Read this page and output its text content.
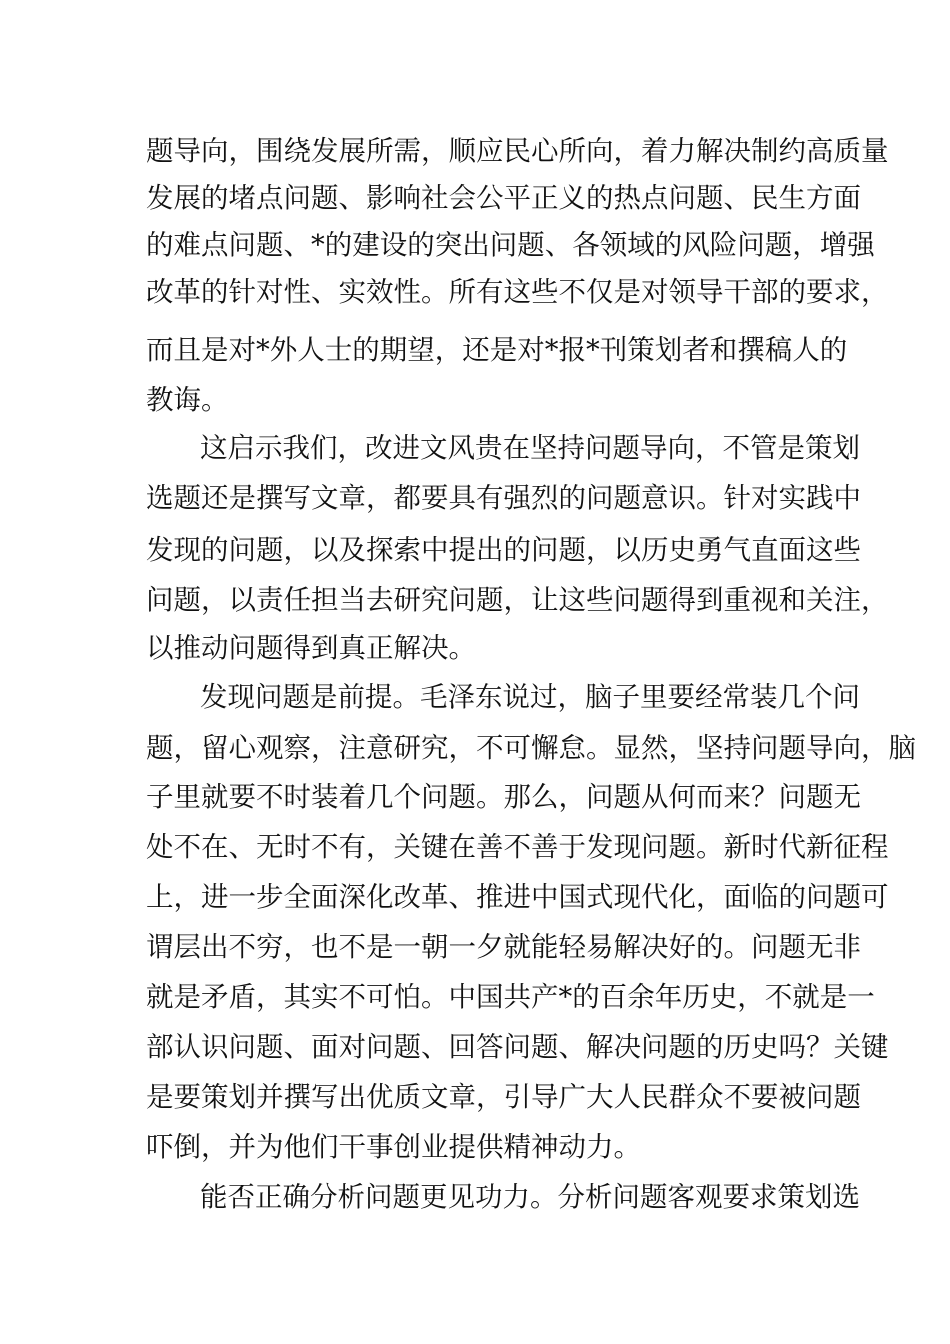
题导向，围绕发展所需，顺应民心所向，着力解决制约高质量
发展的堵点问题、影响社会公平正义的热点问题、民生方面
的难点问题、*的建设的突出问题、各领域的风险问题，增强
改革的针对性、实效性。所有这些不仅是对领导干部的要求，
而且是对*外人士的期望，还是对*报*刊策划者和撰稿人的
教诲。
这启示我们，改进文风贵在坚持问题导向，不管是策划
选题还是撰写文章，都要具有强烈的问题意识。针对实践中
发现的问题，以及探索中提出的问题，以历史勇气直面这些
问题，以责任担当去研究问题，让这些问题得到重视和关注，
以推动问题得到真正解决。
发现问题是前提。毛泽东说过，脑子里要经常装几个问
题，留心观察，注意研究，不可懈怠。显然，坚持问题导向，脑
子里就要不时装着几个问题。那么，问题从何而来？问题无
处不在、无时不有，关键在善不善于发现问题。新时代新征程
上，进一步全面深化改革、推进中国式现代化，面临的问题可
谓层出不穷，也不是一朝一夕就能轻易解决好的。问题无非
就是矛盾，其实不可怕。中国共产*的百余年历史，不就是一
部认识问题、面对问题、回答问题、解决问题的历史吗？关键
是要策划并撰写出优质文章，引导广大人民群众不要被问题
吓倒，并为他们干事创业提供精神动力。
能否正确分析问题更见功力。分析问题客观要求策划选
